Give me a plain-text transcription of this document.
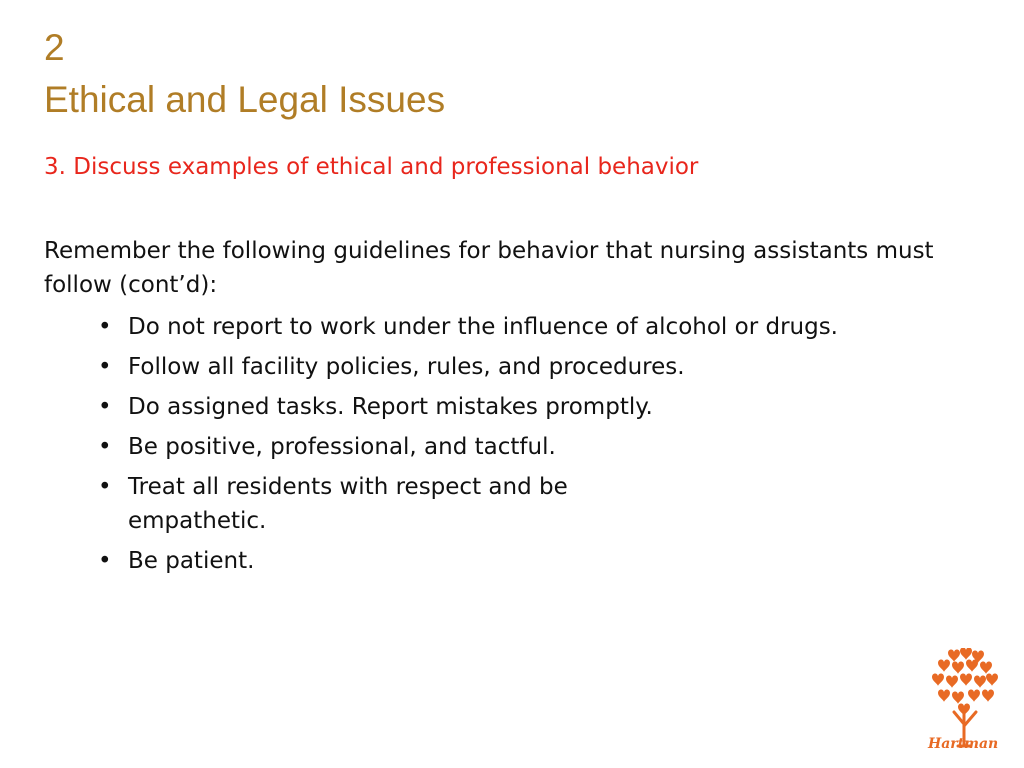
2
Ethical and Legal Issues
3. Discuss examples of ethical and professional behavior
Remember the following guidelines for behavior that nursing assistants must follow (cont’d):
• Do not report to work under the influence of alcohol or drugs.
• Follow all facility policies, rules, and procedures.
• Do assigned tasks. Report mistakes promptly.
• Be positive, professional, and tactful.
• Treat all residents with respect and be empathetic.
• Be patient.
Hartman
